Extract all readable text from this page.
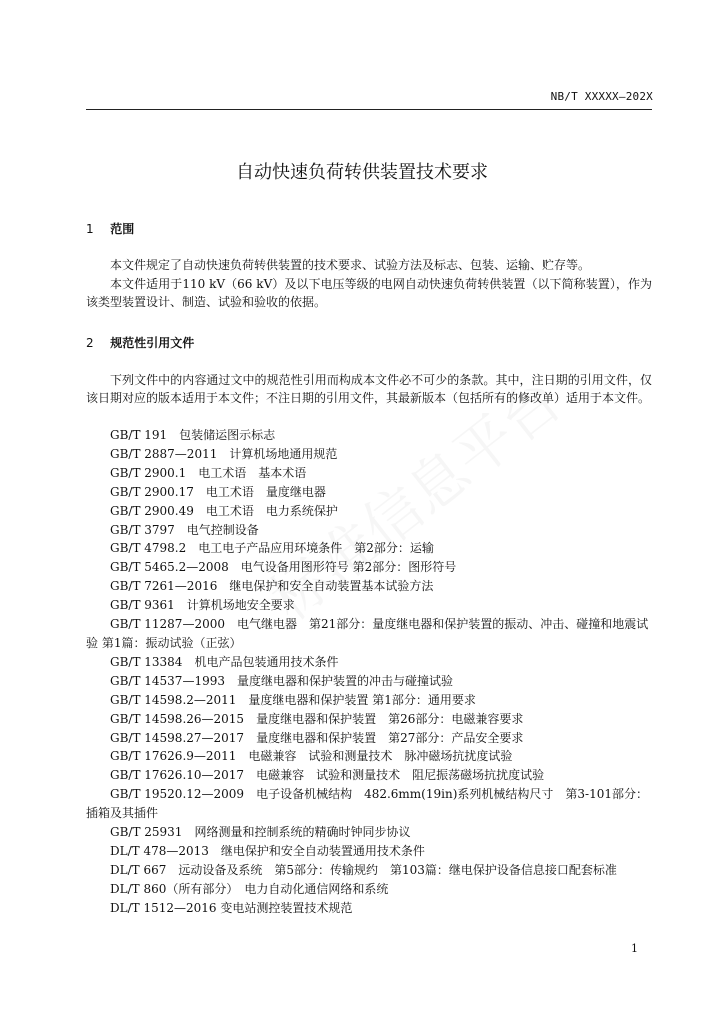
NB/T XXXXX—202X
自动快速负荷转供装置技术要求
1 范围

本文件规定了自动快速负荷转供装置的技术要求、试验方法及标志、包装、运输、贮存等。

本文件适用于110 kV（66 kV）及以下电压等级的电网自动快速负荷转供装置（以下简称装置），作为该类型装置设计、制造、试验和验收的依据。

2 规范性引用文件

下列文件中的内容通过文中的规范性引用而构成本文件必不可少的条款。其中，注日期的引用文件，仅该日期对应的版本适用于本文件；不注日期的引用文件，其最新版本（包括所有的修改单）适用于本文件。

GB/T 191　包装储运图示标志
GB/T 2887—2011　计算机场地通用规范
GB/T 2900.1　电工术语　基本术语
GB/T 2900.17　电工术语　量度继电器
GB/T 2900.49　电工术语　电力系统保护
GB/T 3797　电气控制设备
GB/T 4798.2　电工电子产品应用环境条件　第2部分：运输
GB/T 5465.2—2008　电气设备用图形符号 第2部分：图形符号
GB/T 7261—2016　继电保护和安全自动装置基本试验方法
GB/T 9361　计算机场地安全要求
GB/T 11287—2000　电气继电器　第21部分：量度继电器和保护装置的振动、冲击、碰撞和地震试验 第1篇：振动试验（正弦）
GB/T 13384　机电产品包装通用技术条件
GB/T 14537—1993　量度继电器和保护装置的冲击与碰撞试验
GB/T 14598.2—2011　量度继电器和保护装置 第1部分：通用要求
GB/T 14598.26—2015　量度继电器和保护装置　第26部分：电磁兼容要求
GB/T 14598.27—2017　量度继电器和保护装置　第27部分：产品安全要求
GB/T 17626.9—2011　电磁兼容　试验和测量技术　脉冲磁场抗扰度试验
GB/T 17626.10—2017　电磁兼容　试验和测量技术　阻尼振荡磁场抗扰度试验
GB/T 19520.12—2009　电子设备机械结构　482.6mm(19in)系列机械结构尺寸　第3-101部分：插箱及其插件
GB/T 25931　网络测量和控制系统的精确时钟同步协议
DL/T 478—2013　继电保护和安全自动装置通用技术条件
DL/T 667　远动设备及系统　第5部分：传输规约　第103篇：继电保护设备信息接口配套标准
DL/T 860（所有部分）　电力自动化通信网络和系统
DL/T 1512—2016 变电站测控装置技术规范
1
